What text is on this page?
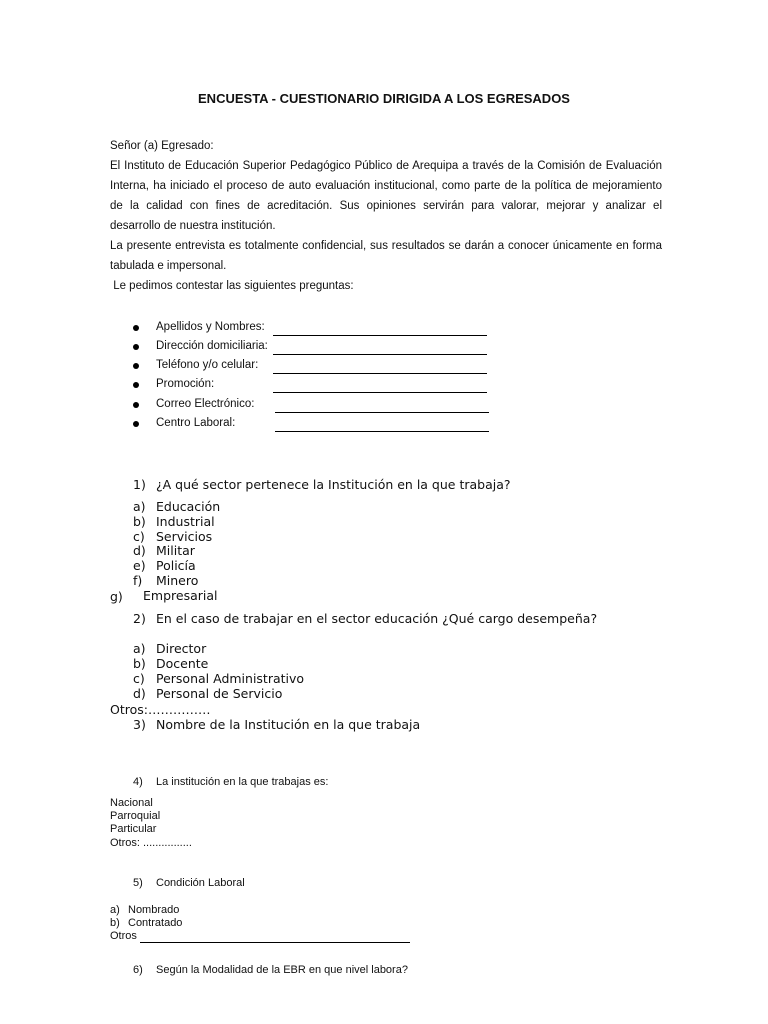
ENCUESTA - CUESTIONARIO DIRIGIDA A LOS EGRESADOS

Señor (a) Egresado:

El Instituto de Educación Superior Pedagógico Público de Arequipa a través de la Comisión de Evaluación

Interna, ha iniciado el proceso de auto evaluación institucional, como parte de la política de mejoramiento

de la calidad con fines de acreditación. Sus opiniones servirán para valorar, mejorar y analizar el

desarrollo de nuestra institución.

La presente entrevista es totalmente confidencial, sus resultados se darán a conocer únicamente en forma

tabulada e impersonal.

Le pedimos contestar las siguientes preguntas:

Apellidos y Nombres:
Dirección domiciliaria:
Teléfono y/o celular:
Promoción:
Correo Electrónico:
Centro Laboral:
1) ¿A qué sector pertenece la Institución en la que trabaja?
a) Educación
b) Industrial
c) Servicios
d) Militar
e) Policía
f) Minero
g) Empresarial
2) En el caso de trabajar en el sector educación ¿Qué cargo desempeña?
a) Director
b) Docente
c) Personal Administrativo
d) Personal de Servicio
Otros:……………
3) Nombre de la Institución en la que trabaja
4) La institución en la que trabajas es:
Nacional
Parroquial
Particular
Otros: ................
5) Condición Laboral
a) Nombrado
b) Contratado
Otros
6) Según la Modalidad de la EBR en que nivel labora?
